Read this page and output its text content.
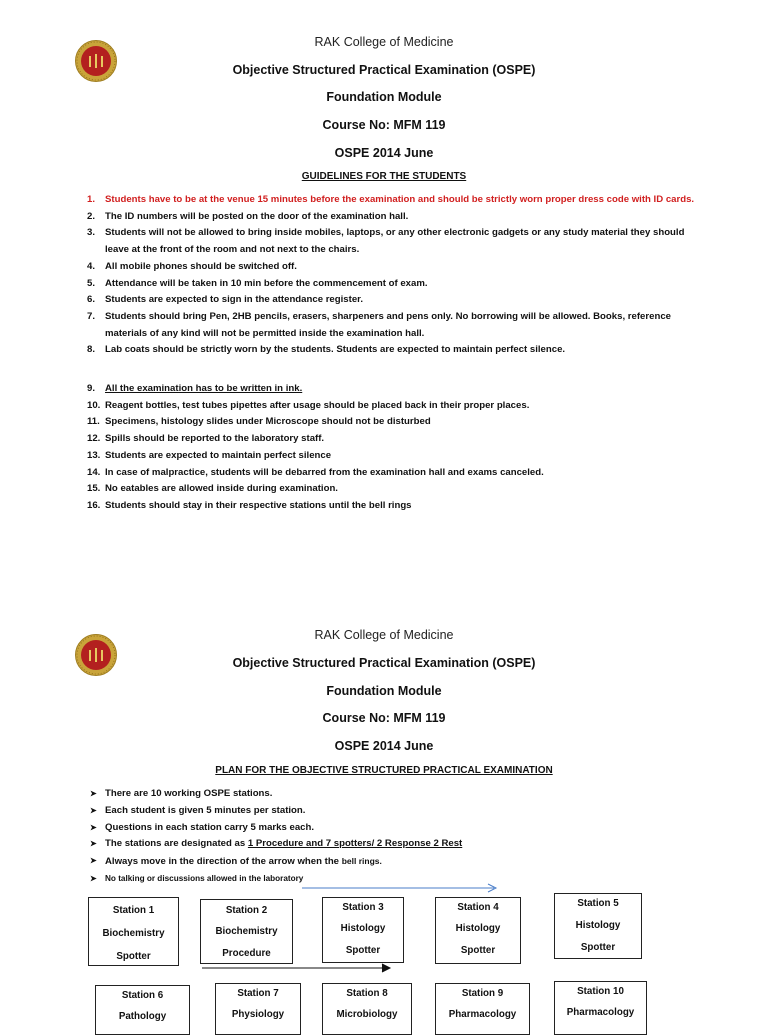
RAK College of Medicine
Objective Structured Practical Examination (OSPE)
Foundation Module
Course No: MFM 119
OSPE 2014 June
GUIDELINES FOR THE STUDENTS
1. Students have to be at the venue 15 minutes before the examination and should be strictly worn proper dress code with ID cards.
2. The ID numbers will be posted on the door of the examination hall.
3. Students will not be allowed to bring inside mobiles, laptops, or any other electronic gadgets or any study material they should leave at the front of the room and not next to the chairs.
4. All mobile phones should be switched off.
5. Attendance will be taken in 10 min before the commencement of exam.
6. Students are expected to sign in the attendance register.
7. Students should bring Pen, 2HB pencils, erasers, sharpeners and pens only. No borrowing will be allowed. Books, reference materials of any kind will not be permitted inside the examination hall.
8. Lab coats should be strictly worn by the students. Students are expected to maintain perfect silence.
9. All the examination has to be written in ink.
10. Reagent bottles, test tubes pipettes after usage should be placed back in their proper places.
11. Specimens, histology slides under Microscope should not be disturbed
12. Spills should be reported to the laboratory staff.
13. Students are expected to maintain perfect silence
14. In case of malpractice, students will be debarred from the examination hall and exams canceled.
15. No eatables are allowed inside during examination.
16. Students should stay in their respective stations until the bell rings
RAK College of Medicine
Objective Structured Practical Examination (OSPE)
Foundation Module
Course No: MFM 119
OSPE 2014 June
PLAN FOR THE OBJECTIVE STRUCTURED PRACTICAL EXAMINATION
➤ There are 10 working OSPE stations.
➤ Each student is given 5 minutes per station.
➤ Questions in each station carry 5 marks each.
➤ The stations are designated as 1 Procedure and 7 spotters/ 2 Response 2 Rest
➤ Always move in the direction of the arrow when the bell rings.
➤ No talking or discussions allowed in the laboratory
Station 1
Biochemistry
Spotter
Station 2
Biochemistry
Procedure
Station 3
Histology
Spotter
Station 4
Histology
Spotter
Station 5
Histology
Spotter
Station 6
Pathology
Station 7
Physiology
Station 8
Microbiology
Station 9
Pharmacology
Station 10
Pharmacology
